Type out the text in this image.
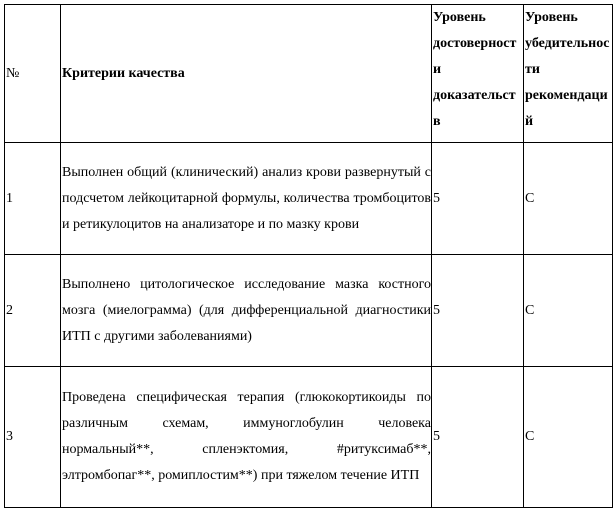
№	Критерии качества	Уровень достоверности доказательств	Уровень убедительности рекомендаций
1	Выполнен общий (клинический) анализ крови развернутый с подсчетом лейкоцитарной формулы, количества тромбоцитов и ретикулоцитов на анализаторе и по мазку крови	5	C
2	Выполнено цитологическое исследование мазка костного мозга (миелограмма) (для дифференциальной диагностики ИТП с другими заболеваниями)	5	C
3	Проведена специфическая терапия (глюкокортикоиды по различным схемам, иммуноглобулин человека нормальный**, спленэктомия, #ритуксимаб**, элтромбопаг**, ромиплостим**) при тяжелом течение ИТП	5	C
